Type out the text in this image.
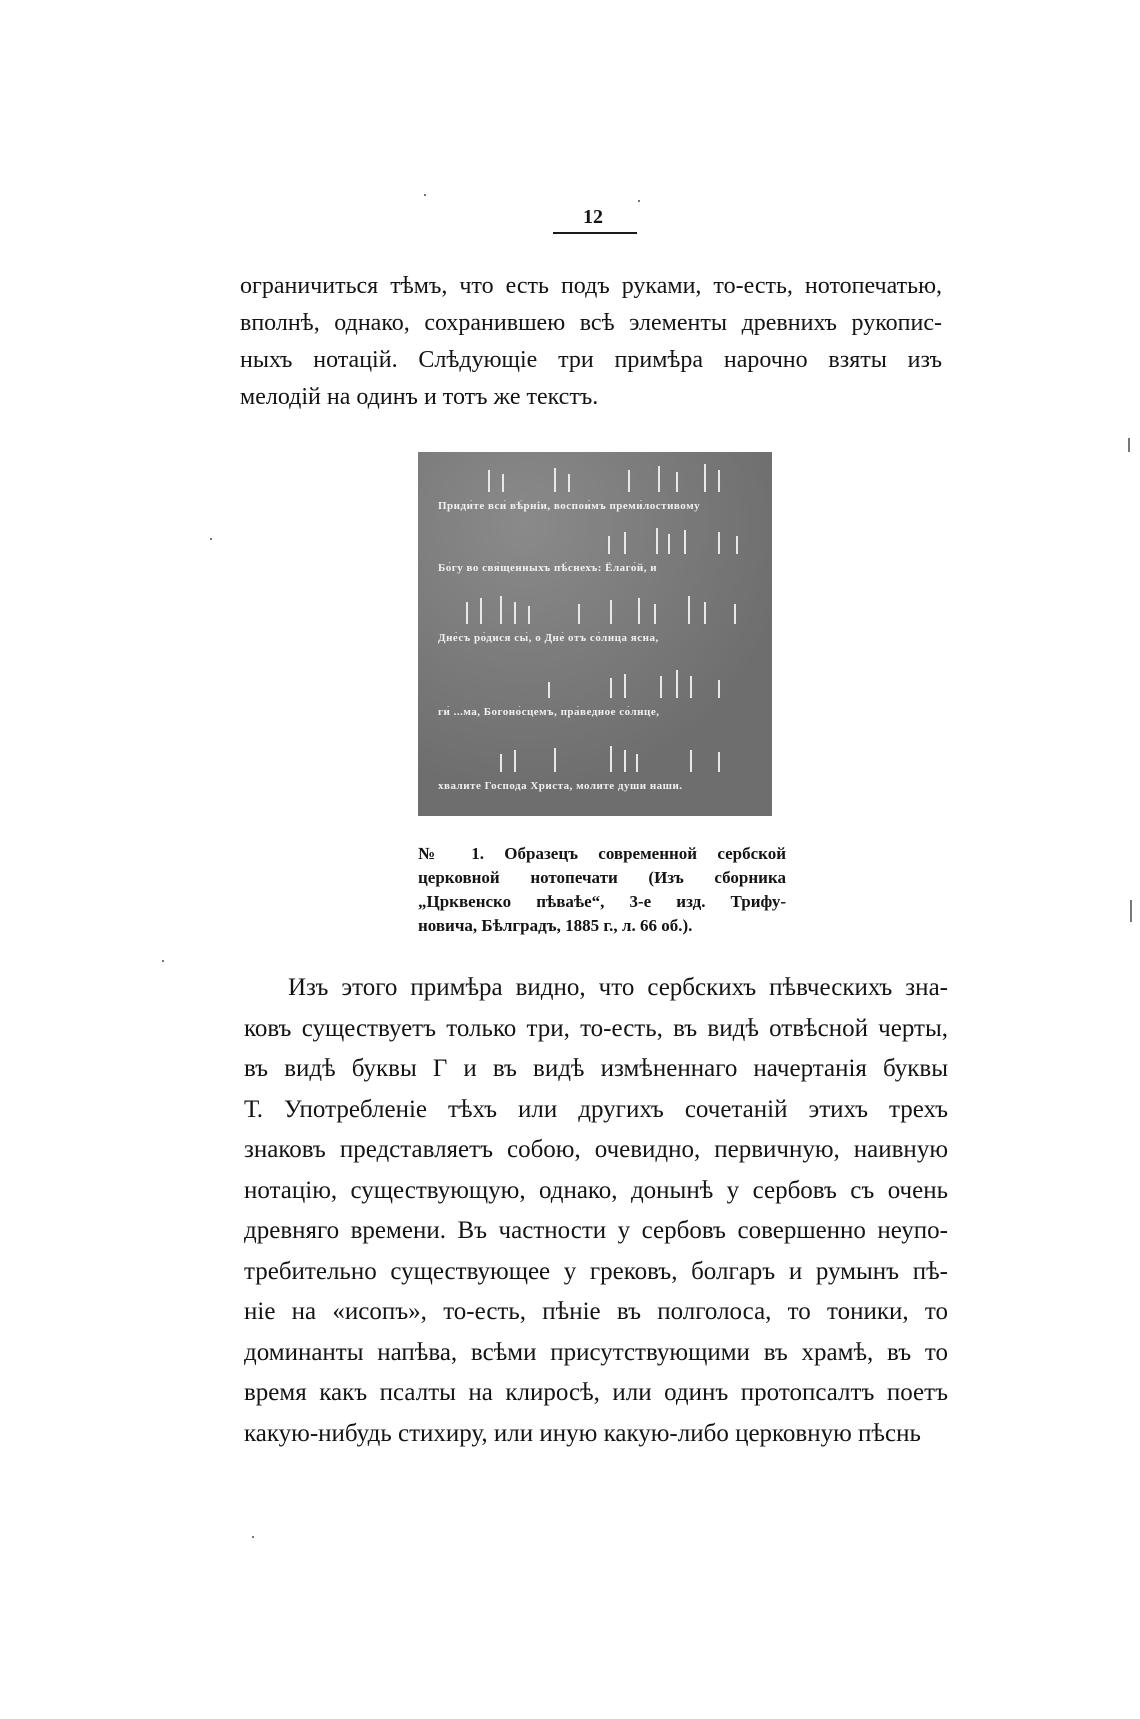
12
ограничиться тѣмъ, что есть подъ руками, то-есть, нотопечатью,
вполнѣ, однако, сохранившею всѣ элементы древнихъ рукопис-
ныхъ нотацій. Слѣдующіе три примѣра нарочно взяты изъ
мелодій на одинъ и тотъ же текстъ.
Приди́те вси́ вѣ́рніи, воспои́мъ преми́лостивому
Бо́гу во свя́щенныхъ пѣ́снехъ: Ёлаго́й, и
Дне́съ ро́дися сы́, о Дне́ отъ со́лнца ясна,
ги́ ...ма, Богоно́сцемъ, пра́ведное со́лнце,
xвалите Господа Христа, молите души наши.
№ 1. Образецъ современной сербской
церковной нотопечати (Изъ сборника
„Црквенско пѣваѣе“, 3-е изд. Трифу-
новича, Бѣлградъ, 1885 г., л. 66 об.).
Изъ этого примѣра видно, что сербскихъ пѣвческихъ зна-
ковъ существуетъ только три, то-есть, въ видѣ отвѣсной черты,
въ видѣ буквы Г и въ видѣ измѣненнаго начертанія буквы
Т. Употребленіе тѣхъ или другихъ сочетаній этихъ трехъ
знаковъ представляетъ собою, очевидно, первичную, наивную
нотацію, существующую, однако, донынѣ у сербовъ съ очень
древняго времени. Въ частности у сербовъ совершенно неупо-
требительно существующее у грековъ, болгаръ и румынъ пѣ-
ніе на «исопъ», то-есть, пѣніе въ полголоса, то тоники, то
доминанты напѣва, всѣми присутствующими въ храмѣ, въ то
время какъ псалты на клиросѣ, или одинъ протопсалтъ поетъ
какую-нибудь стихиру, или иную какую-либо церковную пѣснь
